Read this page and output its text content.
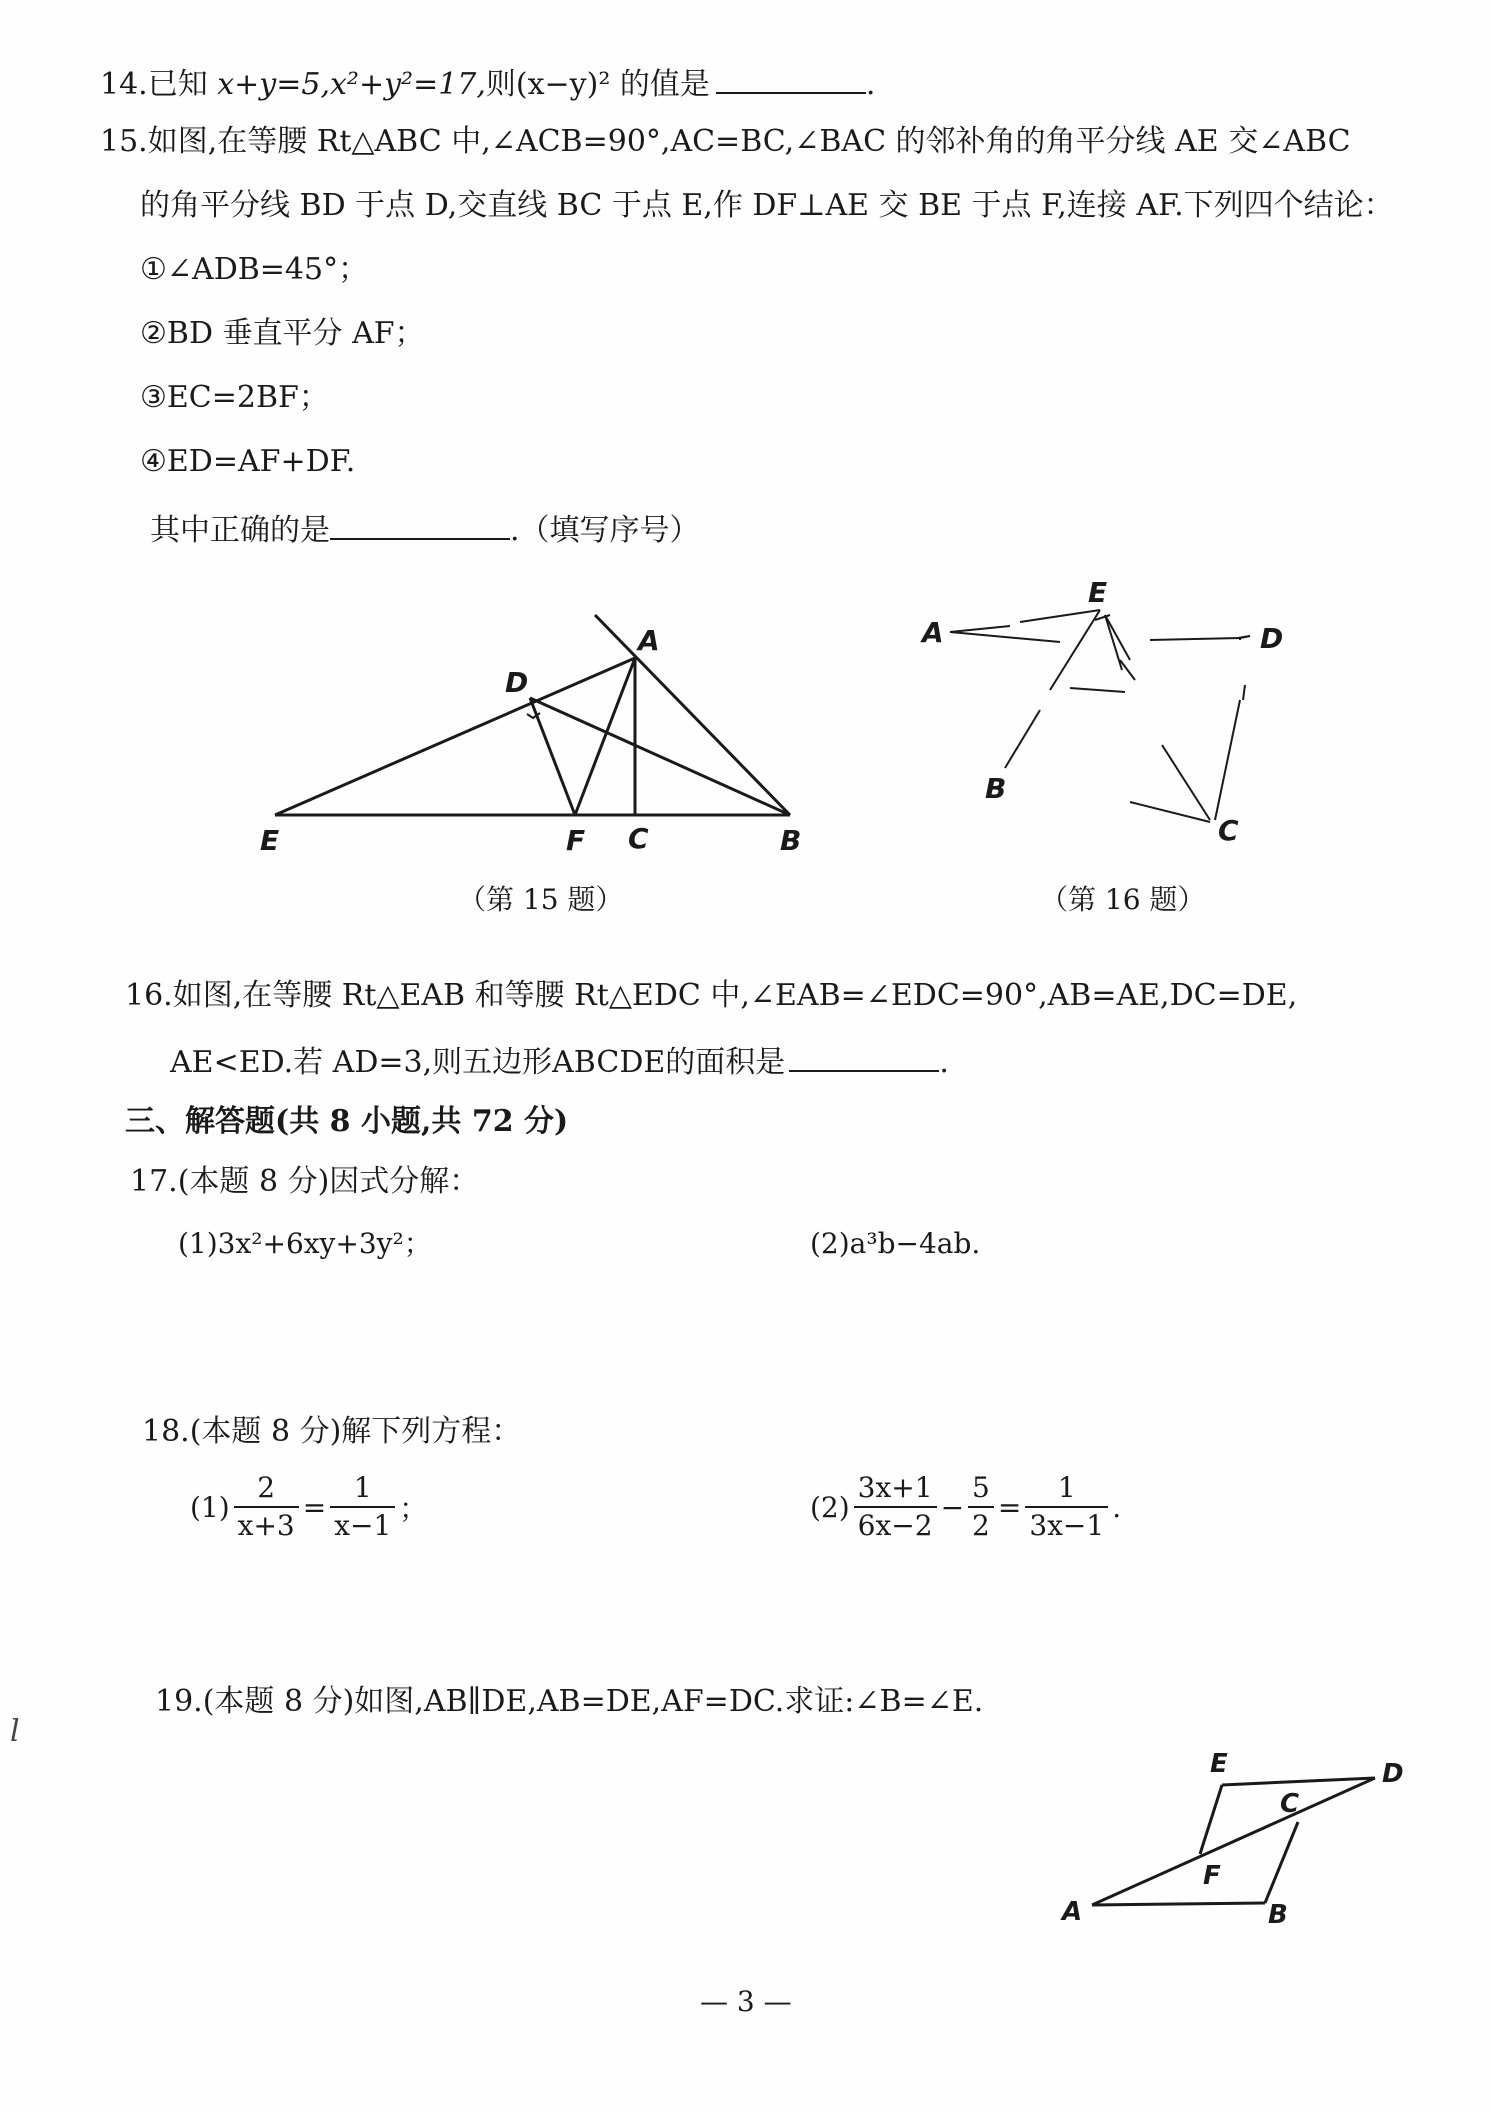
14.已知 x+y=5,x²+y²=17,则(x−y)² 的值是	.
15.如图,在等腰 Rt△ABC 中,∠ACB=90°,AC=BC,∠BAC 的邻补角的角平分线 AE 交∠ABC
的角平分线 BD 于点 D,交直线 BC 于点 E,作 DF⊥AE 交 BE 于点 F,连接 AF.下列四个结论：
①∠ADB=45°；
②BD 垂直平分 AF；
③EC=2BF；
④ED=AF+DF.
其中正确的是	.（填写序号）
A
D
E	F C	B
（第 15 题）
E
A	D
B
C
（第 16 题）
16.如图,在等腰 Rt△EAB 和等腰 Rt△EDC 中,∠EAB=∠EDC=90°,AB=AE,DC=DE,
AE<ED.若 AD=3,则五边形ABCDE的面积是	.
三、解答题(共 8 小题,共 72 分)
17.(本题 8 分)因式分解：
(1)3x²+6xy+3y²；	(2)a³b−4ab.
18.(本题 8 分)解下列方程：
$(1) \frac{2}{x+3} = \frac{1}{x-1}$ ；	$(2) \frac{3x+1}{6x-2} - \frac{5}{2} = \frac{1}{3x-1}$ .
19.(本题 8 分)如图,AB∥DE,AB=DE,AF=DC.求证:∠B=∠E.
l
E	D
C
F
A	B
— 3 —
